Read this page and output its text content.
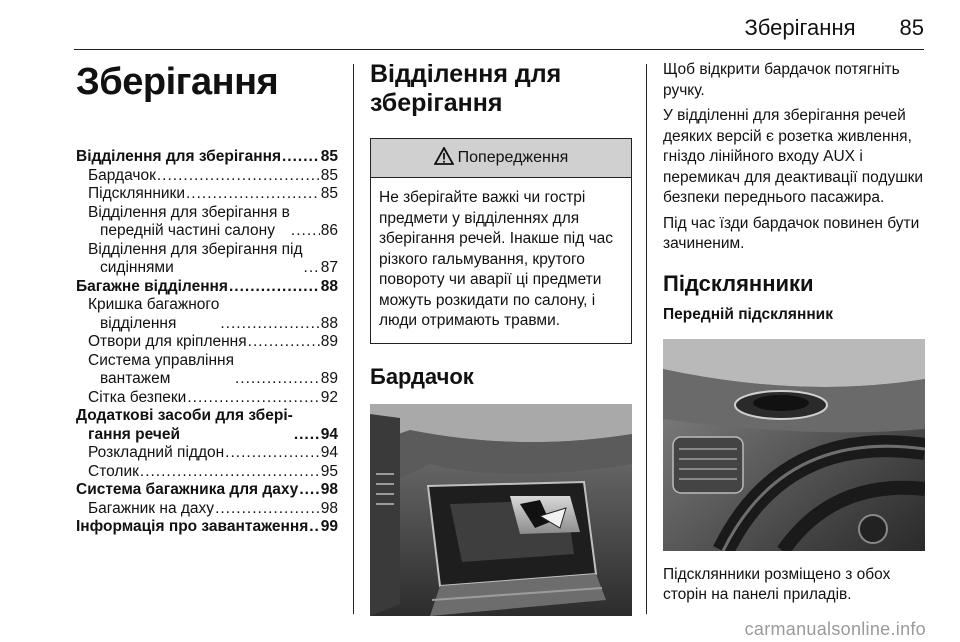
Зберігання 85
Зберігання
Відділення для зберігання .....	85
Бардачок .....	85
Підсклянники .....	85
Відділення для зберігання в
передній частині салону .....	86
Відділення для зберігання під
сидіннями .....	87
Багажне відділення .....	88
Кришка багажного
відділення .....	88
Отвори для кріплення .....	89
Система управління
вантажем .....	89
Сітка безпеки .....	92
Додаткові засоби для зберi-
гання речей .....	94
Розкладний піддон .....	94
Столик .....	95
Система багажника для даху ..... 98
Багажник на даху .....	98
Інформація про завантаження ..... 99
Відділення для
зберігання
Попередження
Не зберігайте важкі чи гострі предмети у відділеннях для зберігання речей. Інакше під час різкого гальмування, крутого повороту чи аварії ці предмети можуть розкидати по салону, і люди отримають травми.
Бардачок

Щоб відкрити бардачок потягніть ручку.

У відділенні для зберігання речей деяких версій є розетка живлення, гніздо лінійного входу AUX і перемикач для деактивації подушки безпеки переднього пасажира.

Під час їзди бардачок повинен бути зачиненим.

Підсклянники
Передній підсклянник

Підсклянники розміщено з обох сторін на панелі приладів.

carmanualsonline.info
